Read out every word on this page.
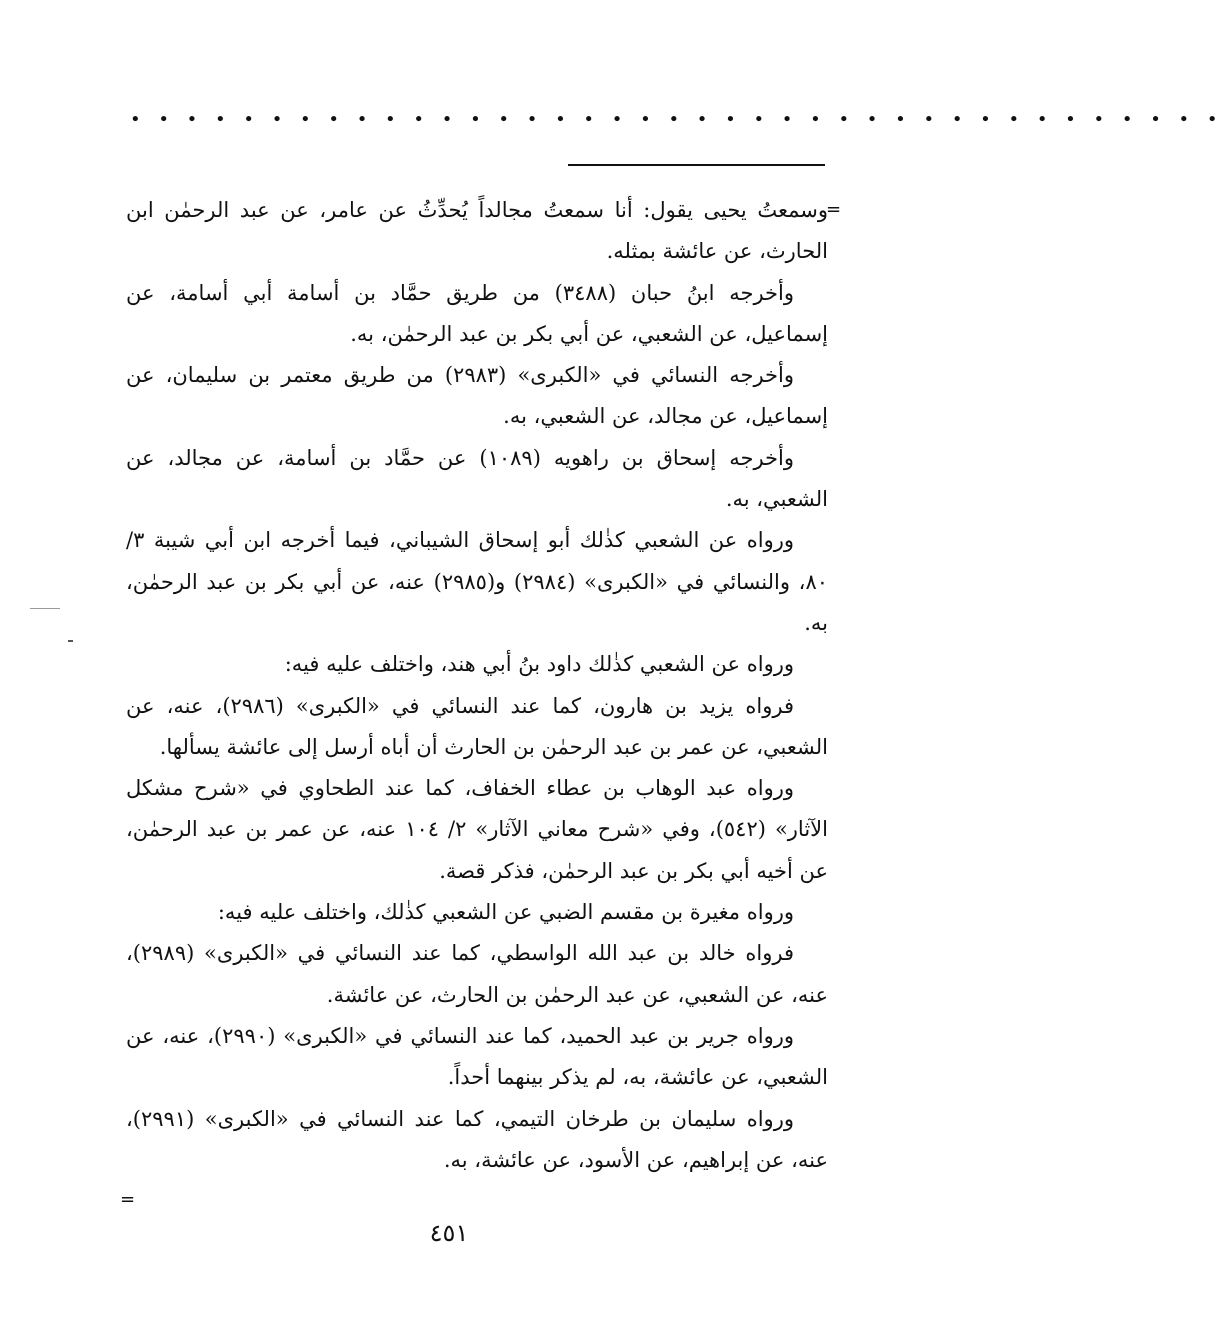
• • • • • • • • • • • • • • • • • • • • • • • • • • • • • • • • • • • • • • •
=

وسمعتُ يحيى يقول: أنا سمعتُ مجالداً يُحدِّثُ عن عامر، عن عبد الرحمٰن ابن الحارث، عن عائشة بمثله.

وأخرجه ابنُ حبان (٣٤٨٨) من طريق حمَّاد بن أسامة أبي أسامة، عن إسماعيل، عن الشعبي، عن أبي بكر بن عبد الرحمٰن، به.

وأخرجه النسائي في «الكبرى» (٢٩٨٣) من طريق معتمر بن سليمان، عن إسماعيل، عن مجالد، عن الشعبي، به.

وأخرجه إسحاق بن راهويه (١٠٨٩) عن حمَّاد بن أسامة، عن مجالد، عن الشعبي، به.

ورواه عن الشعبي كذٰلك أبو إسحاق الشيباني، فيما أخرجه ابن أبي شيبة ٣/ ٨٠، والنسائي في «الكبرى» (٢٩٨٤) و(٢٩٨٥) عنه، عن أبي بكر بن عبد الرحمٰن، به.

ورواه عن الشعبي كذٰلك داود بنُ أبي هند، واختلف عليه فيه:

فرواه يزيد بن هارون، كما عند النسائي في «الكبرى» (٢٩٨٦)، عنه، عن الشعبي، عن عمر بن عبد الرحمٰن بن الحارث أن أباه أرسل إلى عائشة يسألها.

ورواه عبد الوهاب بن عطاء الخفاف، كما عند الطحاوي في «شرح مشكل الآثار» (٥٤٢)، وفي «شرح معاني الآثار» ٢/ ١٠٤ عنه، عن عمر بن عبد الرحمٰن، عن أخيه أبي بكر بن عبد الرحمٰن، فذكر قصة.

ورواه مغيرة بن مقسم الضبي عن الشعبي كذٰلك، واختلف عليه فيه:

فرواه خالد بن عبد الله الواسطي، كما عند النسائي في «الكبرى» (٢٩٨٩)، عنه، عن الشعبي، عن عبد الرحمٰن بن الحارث، عن عائشة.

ورواه جرير بن عبد الحميد، كما عند النسائي في «الكبرى» (٢٩٩٠)، عنه، عن الشعبي، عن عائشة، به، لم يذكر بينهما أحداً.

ورواه سليمان بن طرخان التيمي، كما عند النسائي في «الكبرى» (٢٩٩١)، عنه، عن إبراهيم، عن الأسود، عن عائشة، به.

=
٤٥١
